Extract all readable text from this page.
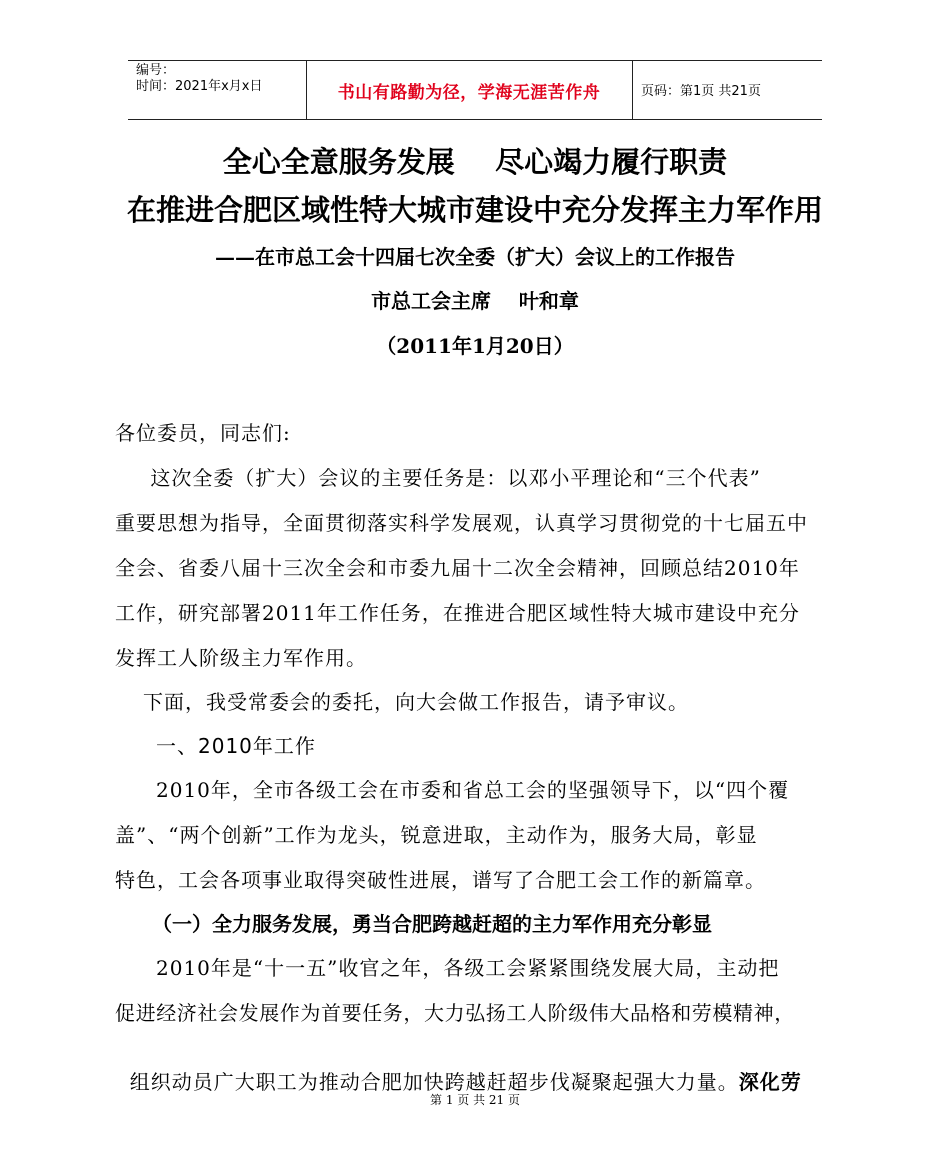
编号：
时间：2021年x月x日	书山有路勤为径，学海无涯苦作舟	页码：第1页 共21页
全心全意服务发展    尽心竭力履行职责
在推进合肥区域性特大城市建设中充分发挥主力军作用
——在市总工会十四届七次全委（扩大）会议上的工作报告
市总工会主席    叶和章
（2011年1月20日）
各位委员，同志们:
这次全委（扩大）会议的主要任务是：以邓小平理论和“三个代表”
重要思想为指导，全面贯彻落实科学发展观，认真学习贯彻党的十七届五中
全会、省委八届十三次全会和市委九届十二次全会精神，回顾总结2010年
工作，研究部署2011年工作任务，在推进合肥区域性特大城市建设中充分
发挥工人阶级主力军作用。
下面，我受常委会的委托，向大会做工作报告，请予审议。
一、2010年工作
2010年，全市各级工会在市委和省总工会的坚强领导下，以“四个覆
盖”、“两个创新”工作为龙头，锐意进取，主动作为，服务大局，彰显
特色，工会各项事业取得突破性进展，谱写了合肥工会工作的新篇章。
（一）全力服务发展，勇当合肥跨越赶超的主力军作用充分彰显
2010年是“十一五”收官之年，各级工会紧紧围绕发展大局，主动把
促进经济社会发展作为首要任务，大力弘扬工人阶级伟大品格和劳模精神，

组织动员广大职工为推动合肥加快跨越赶超步伐凝聚起强大力量。深化劳

第 1 页 共 21 页
